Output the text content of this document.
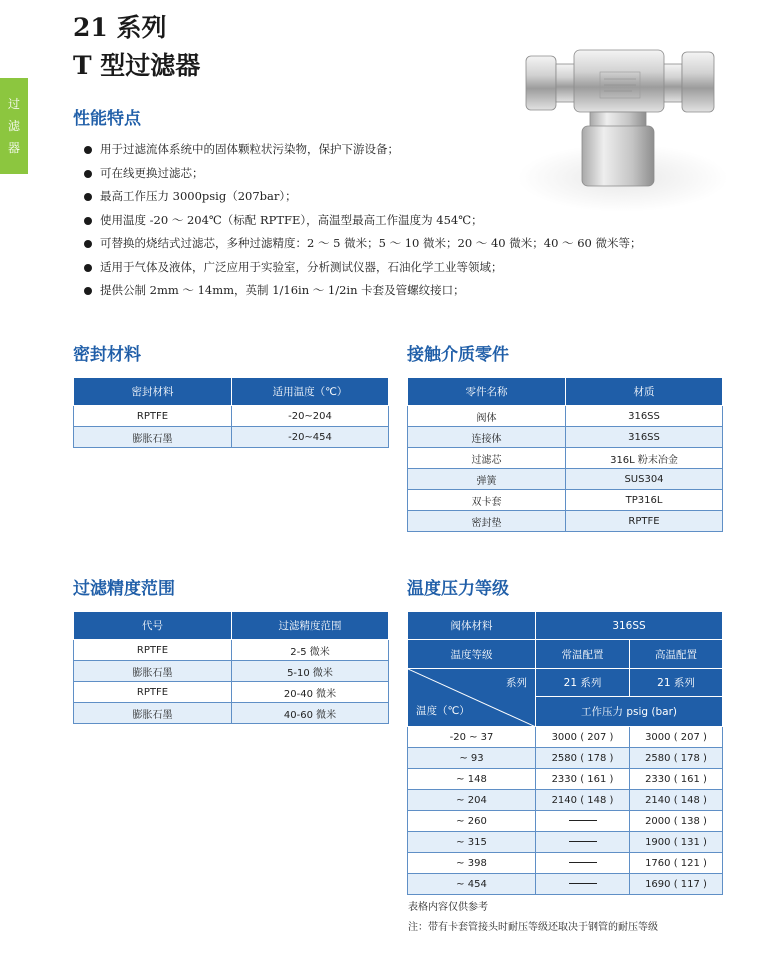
过
滤
器
21 系列
T 型过滤器
性能特点
用于过滤流体系统中的固体颗粒状污染物，保护下游设备；
可在线更换过滤芯；
最高工作压力 3000psig（207bar）；
使用温度 -20 ～ 204℃（标配 RPTFE），高温型最高工作温度为 454℃；
可替换的烧结式过滤芯，多种过滤精度：2 ～ 5 微米；5 ～ 10 微米；20 ～ 40 微米；40 ～ 60 微米等；
适用于气体及液体，广泛应用于实验室，分析测试仪器，石油化学工业等领域；
提供公制 2mm ～ 14mm，英制 1/16in ～ 1/2in 卡套及管螺纹接口；
密封材料
密封材料	适用温度（℃）
RPTFE	-20~204
膨胀石墨	-20~454
接触介质零件
零件名称	材质
阀体	316SS
连接体	316SS
过滤芯	316L 粉末冶金
弹簧	SUS304
双卡套	TP316L
密封垫	RPTFE
过滤精度范围
代号	过滤精度范围
RPTFE	2-5 微米
膨胀石墨	5-10 微米
RPTFE	20-40 微米
膨胀石墨	40-60 微米
温度压力等级
阀体材料	316SS	
温度等级	常温配置	高温配置

系列
温度（℃）	21 系列	21 系列
	工作压力 psig (bar)	
-20 ~ 37	3000 ( 207 )	3000 ( 207 )
~ 93	2580 ( 178 )	2580 ( 178 )
~ 148	2330 ( 161 )	2330 ( 161 )
~ 204	2140 ( 148 )	2140 ( 148 )
~ 260		2000 ( 138 )
~ 315		1900 ( 131 )
~ 398		1760 ( 121 )
~ 454		1690 ( 117 )
表格内容仅供参考
注：带有卡套管接头时耐压等级还取决于钢管的耐压等级
